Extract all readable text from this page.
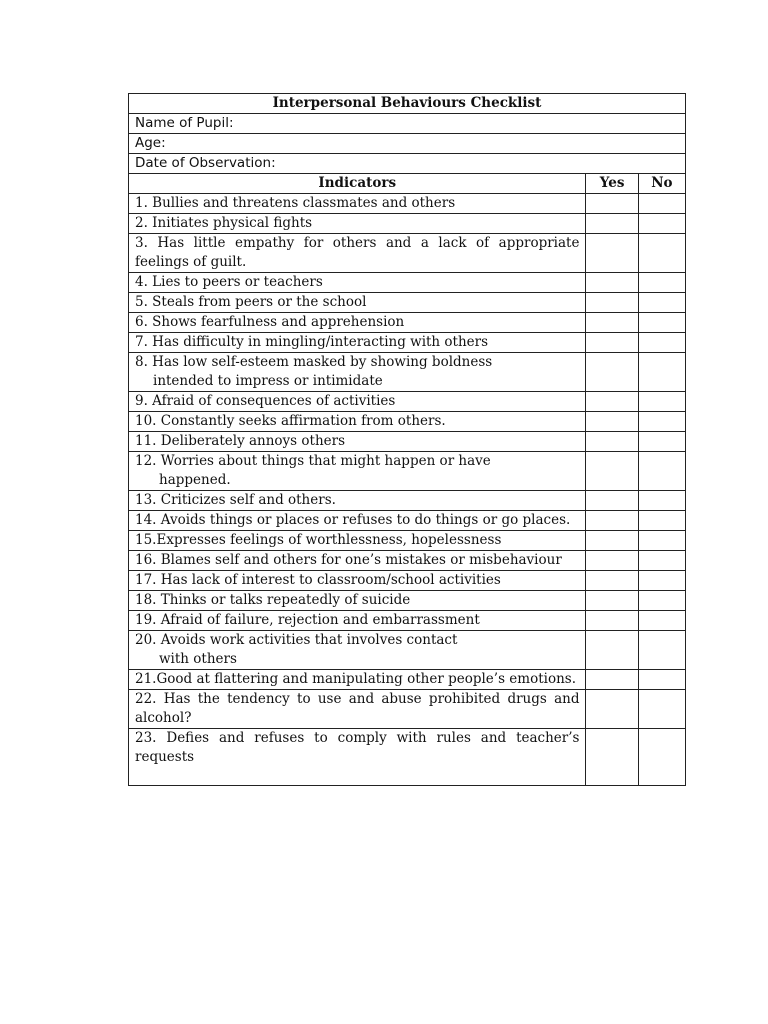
Interpersonal Behaviours Checklist		
Name of Pupil:		
Age:		
Date of Observation:		
Indicators	Yes	No
1. Bullies and threatens classmates and others		
2. Initiates physical fights		
3. Has little empathy for others and a lack of appropriate feelings of guilt.		
4. Lies to peers or teachers		
5. Steals from peers or the school		
6. Shows fearfulness and apprehension		
7. Has difficulty in mingling/interacting with others		
8. Has low self-esteem masked by showing boldness
intended to impress or intimidate		

9. Afraid of consequences of activities		
10. Constantly seeks affirmation from others.		
11. Deliberately annoys others		
12. Worries about things that might happen or have
happened.		

13. Criticizes self and others.		
14. Avoids things or places or refuses to do things or go places.		
15.Expresses feelings of worthlessness, hopelessness		
16. Blames self and others for one’s mistakes or misbehaviour		
17. Has lack of interest to classroom/school activities		
18. Thinks or talks repeatedly of suicide		
19. Afraid of failure, rejection and embarrassment		
20. Avoids work activities that involves contact
with others		

21.Good at flattering and manipulating other people’s emotions.		
22. Has the tendency to use and abuse prohibited drugs and alcohol?		
23. Defies and refuses to comply with rules and teacher’s requests		
